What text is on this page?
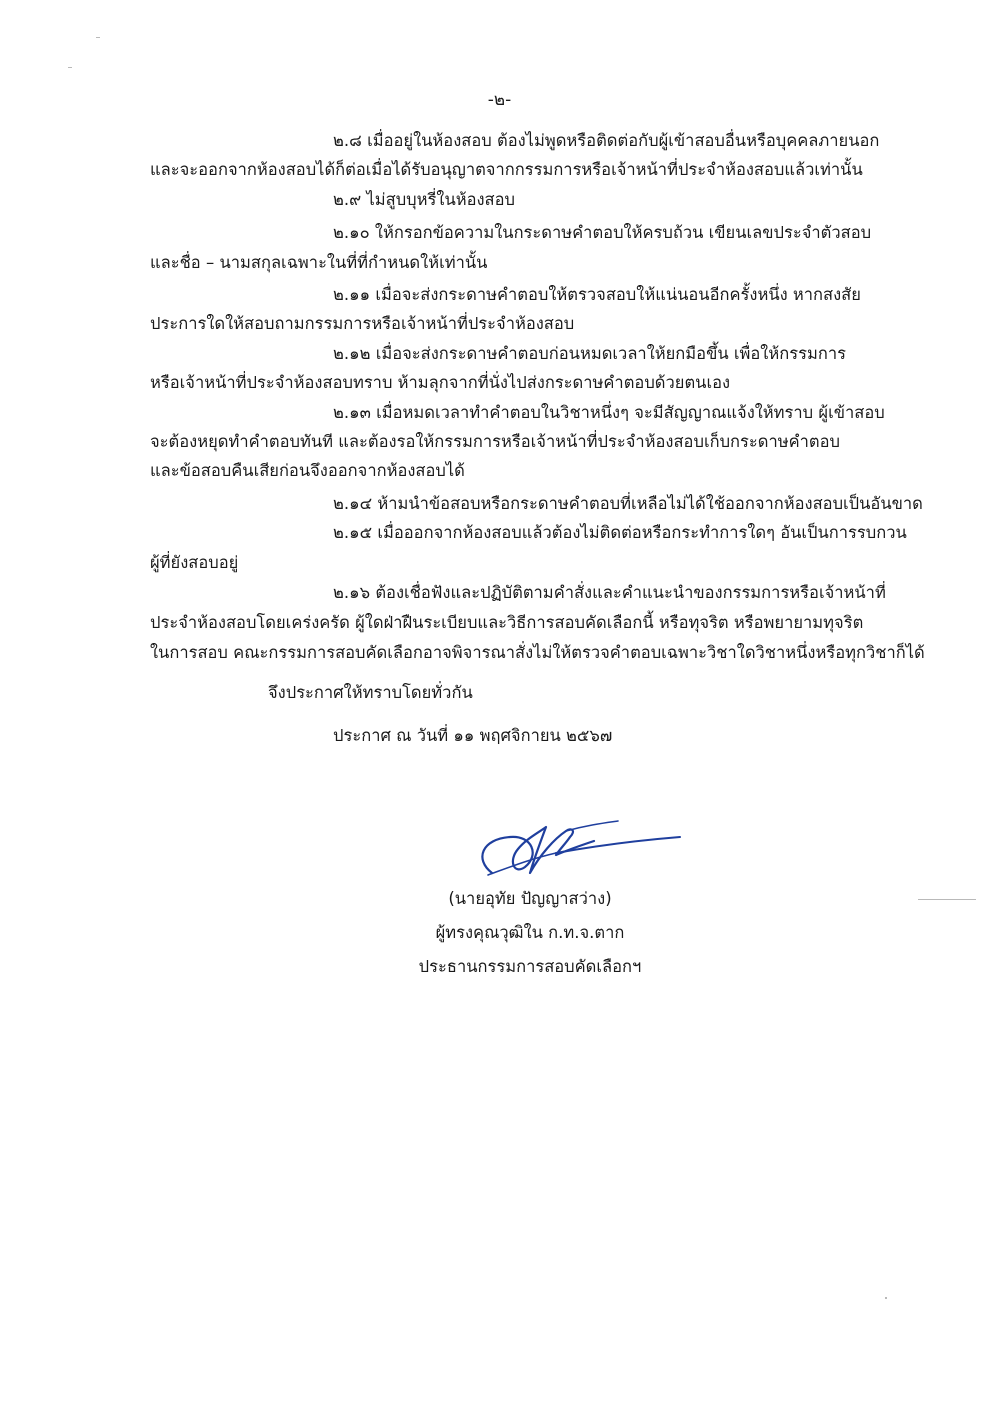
-๒-
๒.๘ เมื่ออยู่ในห้องสอบ ต้องไม่พูดหรือติดต่อกับผู้เข้าสอบอื่นหรือบุคคลภายนอก
และจะออกจากห้องสอบได้ก็ต่อเมื่อได้รับอนุญาตจากกรรมการหรือเจ้าหน้าที่ประจำห้องสอบแล้วเท่านั้น
๒.๙ ไม่สูบบุหรี่ในห้องสอบ
๒.๑๐ ให้กรอกข้อความในกระดาษคำตอบให้ครบถ้วน เขียนเลขประจำตัวสอบ
และชื่อ – นามสกุลเฉพาะในที่ที่กำหนดให้เท่านั้น
๒.๑๑ เมื่อจะส่งกระดาษคำตอบให้ตรวจสอบให้แน่นอนอีกครั้งหนึ่ง หากสงสัย
ประการใดให้สอบถามกรรมการหรือเจ้าหน้าที่ประจำห้องสอบ
๒.๑๒ เมื่อจะส่งกระดาษคำตอบก่อนหมดเวลาให้ยกมือขึ้น เพื่อให้กรรมการ
หรือเจ้าหน้าที่ประจำห้องสอบทราบ ห้ามลุกจากที่นั่งไปส่งกระดาษคำตอบด้วยตนเอง
๒.๑๓ เมื่อหมดเวลาทำคำตอบในวิชาหนึ่งๆ จะมีสัญญาณแจ้งให้ทราบ ผู้เข้าสอบ
จะต้องหยุดทำคำตอบทันที และต้องรอให้กรรมการหรือเจ้าหน้าที่ประจำห้องสอบเก็บกระดาษคำตอบ
และข้อสอบคืนเสียก่อนจึงออกจากห้องสอบได้
๒.๑๔ ห้ามนำข้อสอบหรือกระดาษคำตอบที่เหลือไม่ได้ใช้ออกจากห้องสอบเป็นอันขาด
๒.๑๕ เมื่อออกจากห้องสอบแล้วต้องไม่ติดต่อหรือกระทำการใดๆ อันเป็นการรบกวน
ผู้ที่ยังสอบอยู่
๒.๑๖ ต้องเชื่อฟังและปฏิบัติตามคำสั่งและคำแนะนำของกรรมการหรือเจ้าหน้าที่
ประจำห้องสอบโดยเคร่งครัด ผู้ใดฝ่าฝืนระเบียบและวิธีการสอบคัดเลือกนี้ หรือทุจริต หรือพยายามทุจริต
ในการสอบ คณะกรรมการสอบคัดเลือกอาจพิจารณาสั่งไม่ให้ตรวจคำตอบเฉพาะวิชาใดวิชาหนึ่งหรือทุกวิชาก็ได้
จึงประกาศให้ทราบโดยทั่วกัน
ประกาศ ณ วันที่ ๑๑ พฤศจิกายน ๒๕๖๗
(นายอุทัย ปัญญาสว่าง)
ผู้ทรงคุณวุฒิใน ก.ท.จ.ตาก
ประธานกรรมการสอบคัดเลือกฯ
